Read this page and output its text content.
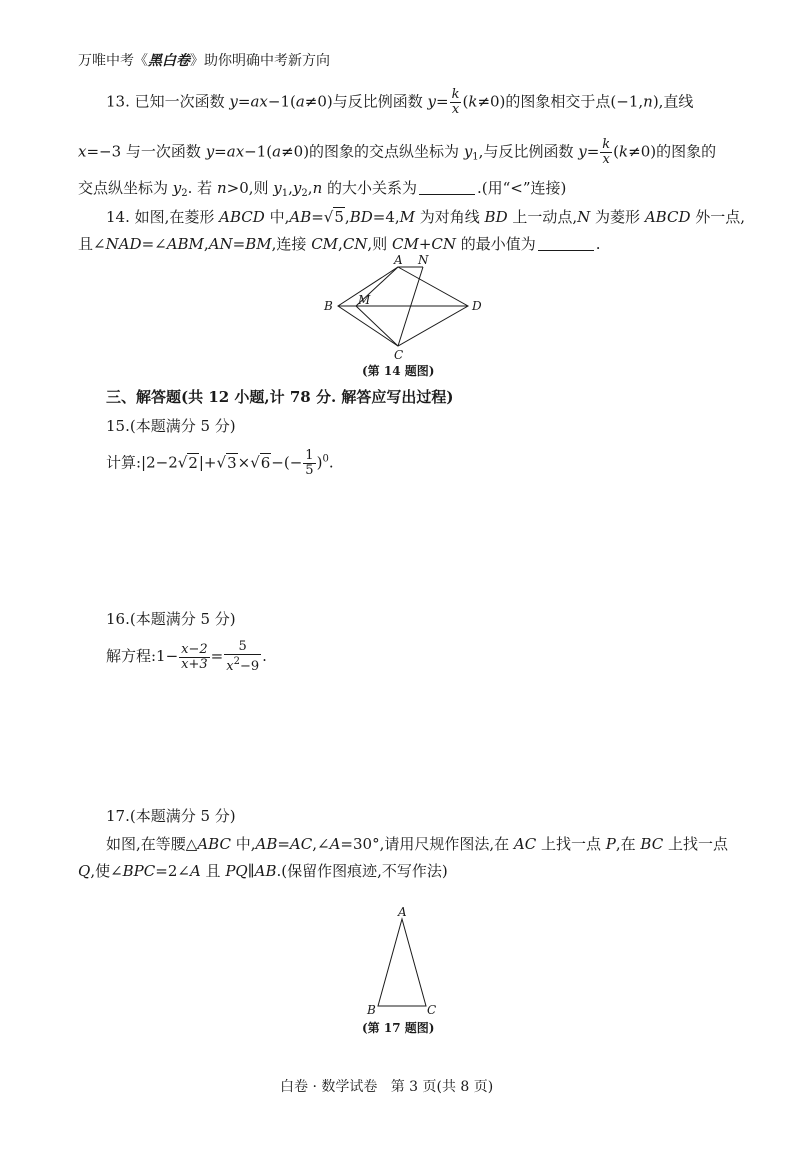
万唯中考《黑白卷》助你明确中考新方向
13. 已知一次函数 y=ax−1(a≠0)与反比例函数 $y= \frac{k}{x} (k\ne 0)$的图象相交于点(−1,n),直线
x=−3 与一次函数 y=ax−1(a≠0)的图象的交点纵坐标为 $y_1$,与反比例函数 $y= \frac{k}{x} (k\ne 0)$的图象的
交点纵坐标为 $y_2$. 若 n>0,则 $y_1,y_2,n$ 的大小关系为	.(用“<”连接)
14. 如图,在菱形 ABCD 中,AB=√5,BD=4,M 为对角线 BD 上一动点,N 为菱形 ABCD 外一点,
且∠NAD=∠ABM,AN=BM,连接 CM,CN,则 CM+CN 的最小值为	.
A N
B M	D
C
(第 14 题图)
三、解答题(共 12 小题,计 78 分. 解答应写出过程)
15.(本题满分 5 分)
计算:|2−2√2|+√3×√6−(− $\frac{1}{5} )^0$.
16.(本题满分 5 分)
解方程:1− $\frac{x-2}{x+3} = \frac{5}{x^2-9}$ .
17.(本题满分 5 分)
如图,在等腰△ABC 中,AB=AC,∠A=30°,请用尺规作图法,在 AC 上找一点 P,在 BC 上找一点
Q,使∠BPC=2∠A 且 PQ∥AB.(保留作图痕迹,不写作法)
A
B	C
(第 17 题图)
白卷 · 数学试卷   第 3 页(共 8 页)
